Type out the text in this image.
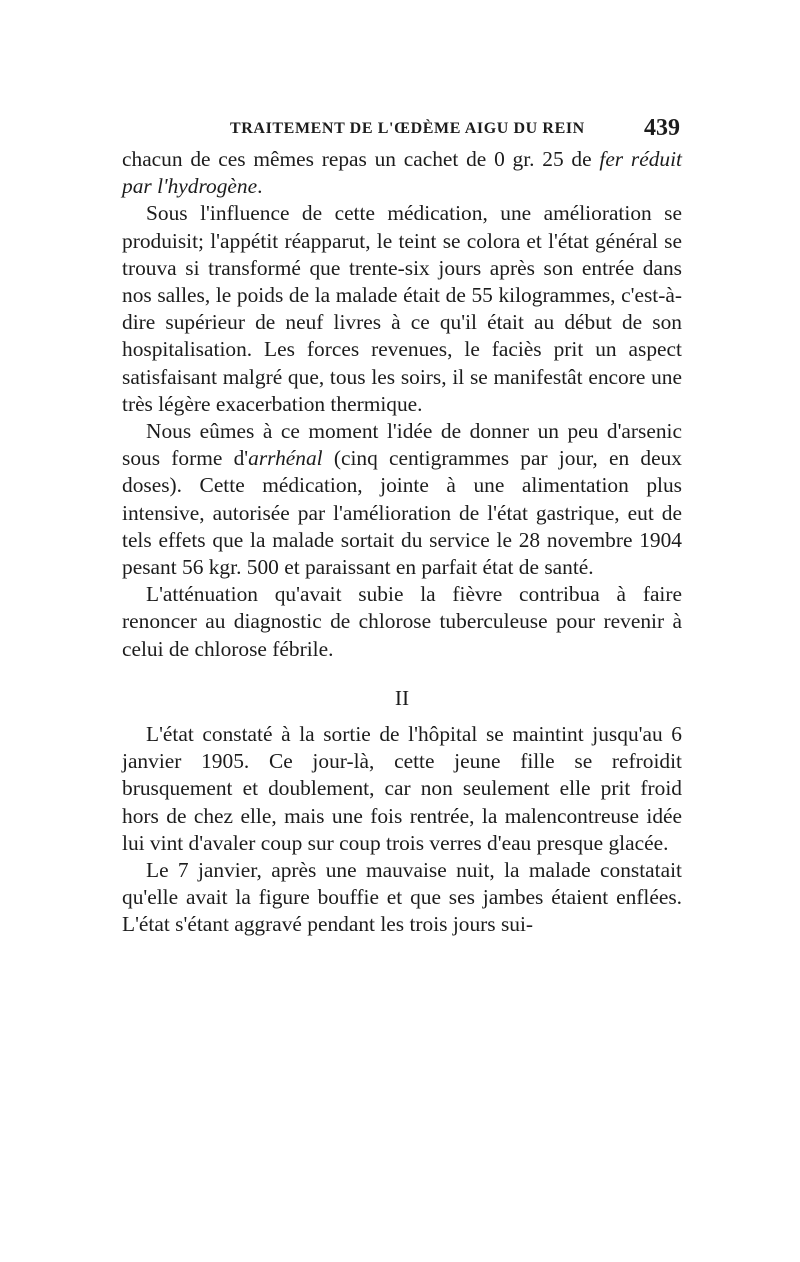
TRAITEMENT DE L'ŒDÈME AIGU DU REIN 439

chacun de ces mêmes repas un cachet de 0 gr. 25 de fer réduit par l'hydrogène.

Sous l'influence de cette médication, une amélioration se produisit; l'appétit réapparut, le teint se colora et l'état général se trouva si transformé que trente-six jours après son entrée dans nos salles, le poids de la malade était de 55 kilogrammes, c'est-à-dire supérieur de neuf livres à ce qu'il était au début de son hospitalisation. Les forces revenues, le faciès prit un aspect satisfaisant malgré que, tous les soirs, il se manifestât encore une très légère exacerbation thermique.

Nous eûmes à ce moment l'idée de donner un peu d'arsenic sous forme d'arrhénal (cinq centigrammes par jour, en deux doses). Cette médication, jointe à une alimentation plus intensive, autorisée par l'amélioration de l'état gastrique, eut de tels effets que la malade sortait du service le 28 novembre 1904 pesant 56 kgr. 500 et paraissant en parfait état de santé.

L'atténuation qu'avait subie la fièvre contribua à faire renoncer au diagnostic de chlorose tuberculeuse pour revenir à celui de chlorose fébrile.

II

L'état constaté à la sortie de l'hôpital se maintint jusqu'au 6 janvier 1905. Ce jour-là, cette jeune fille se refroidit brusquement et doublement, car non seulement elle prit froid hors de chez elle, mais une fois rentrée, la malencontreuse idée lui vint d'avaler coup sur coup trois verres d'eau presque glacée.

Le 7 janvier, après une mauvaise nuit, la malade constatait qu'elle avait la figure bouffie et que ses jambes étaient enflées. L'état s'étant aggravé pendant les trois jours sui-
